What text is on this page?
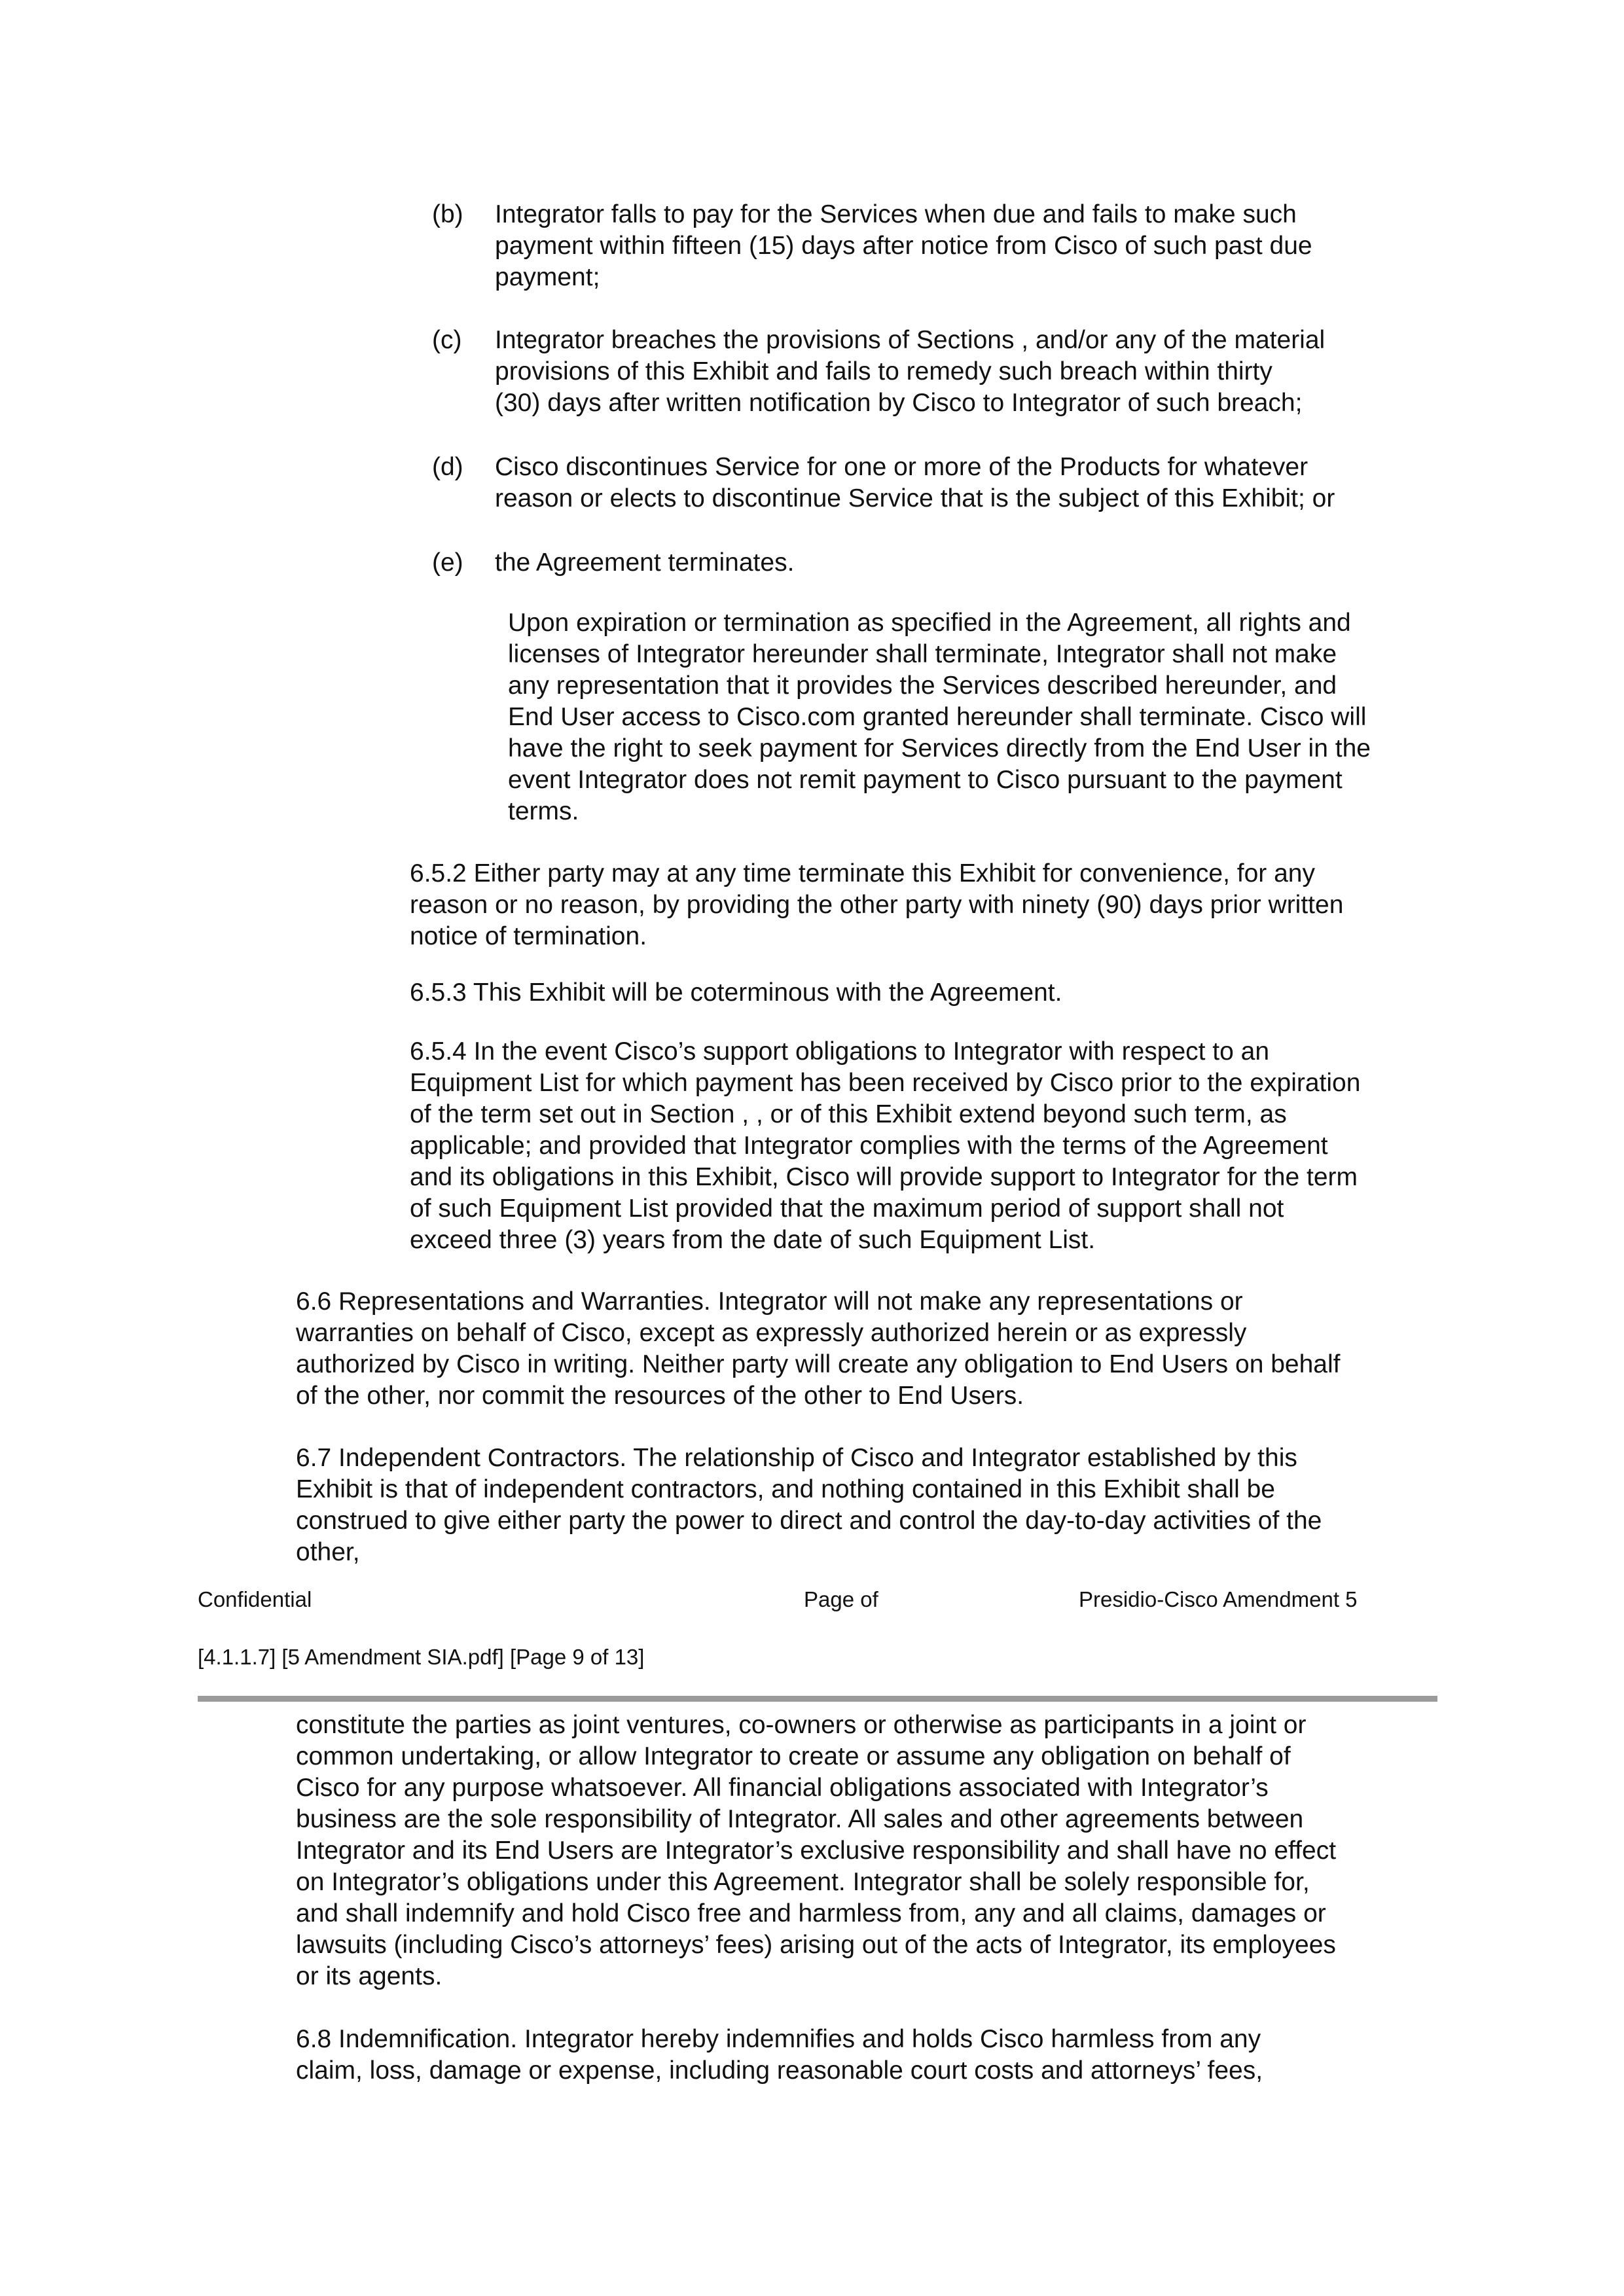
(b) Integrator falls to pay for the Services when due and fails to make such
payment within fifteen (15) days after notice from Cisco of such past due
payment;
(c) Integrator breaches the provisions of Sections , and/or any of the material
provisions of this Exhibit and fails to remedy such breach within thirty
(30) days after written notification by Cisco to Integrator of such breach;
(d) Cisco discontinues Service for one or more of the Products for whatever
reason or elects to discontinue Service that is the subject of this Exhibit; or
(e) the Agreement terminates.
Upon expiration or termination as specified in the Agreement, all rights and
licenses of Integrator hereunder shall terminate, Integrator shall not make
any representation that it provides the Services described hereunder, and
End User access to Cisco.com granted hereunder shall terminate. Cisco will
have the right to seek payment for Services directly from the End User in the
event Integrator does not remit payment to Cisco pursuant to the payment
terms.
6.5.2 Either party may at any time terminate this Exhibit for convenience, for any
reason or no reason, by providing the other party with ninety (90) days prior written
notice of termination.
6.5.3 This Exhibit will be coterminous with the Agreement.
6.5.4 In the event Cisco’s support obligations to Integrator with respect to an
Equipment List for which payment has been received by Cisco prior to the expiration
of the term set out in Section , , or of this Exhibit extend beyond such term, as
applicable; and provided that Integrator complies with the terms of the Agreement
and its obligations in this Exhibit, Cisco will provide support to Integrator for the term
of such Equipment List provided that the maximum period of support shall not
exceed three (3) years from the date of such Equipment List.
6.6 Representations and Warranties. Integrator will not make any representations or
warranties on behalf of Cisco, except as expressly authorized herein or as expressly
authorized by Cisco in writing. Neither party will create any obligation to End Users on behalf
of the other, nor commit the resources of the other to End Users.
6.7 Independent Contractors. The relationship of Cisco and Integrator established by this
Exhibit is that of independent contractors, and nothing contained in this Exhibit shall be
construed to give either party the power to direct and control the day-to-day activities of the
other,
Confidential	Page of	Presidio-Cisco Amendment 5
[4.1.1.7] [5 Amendment SIA.pdf] [Page 9 of 13]
constitute the parties as joint ventures, co-owners or otherwise as participants in a joint or
common undertaking, or allow Integrator to create or assume any obligation on behalf of
Cisco for any purpose whatsoever. All financial obligations associated with Integrator’s
business are the sole responsibility of Integrator. All sales and other agreements between
Integrator and its End Users are Integrator’s exclusive responsibility and shall have no effect
on Integrator’s obligations under this Agreement. Integrator shall be solely responsible for,
and shall indemnify and hold Cisco free and harmless from, any and all claims, damages or
lawsuits (including Cisco’s attorneys’ fees) arising out of the acts of Integrator, its employees
or its agents.
6.8 Indemnification. Integrator hereby indemnifies and holds Cisco harmless from any
claim, loss, damage or expense, including reasonable court costs and attorneys’ fees,
